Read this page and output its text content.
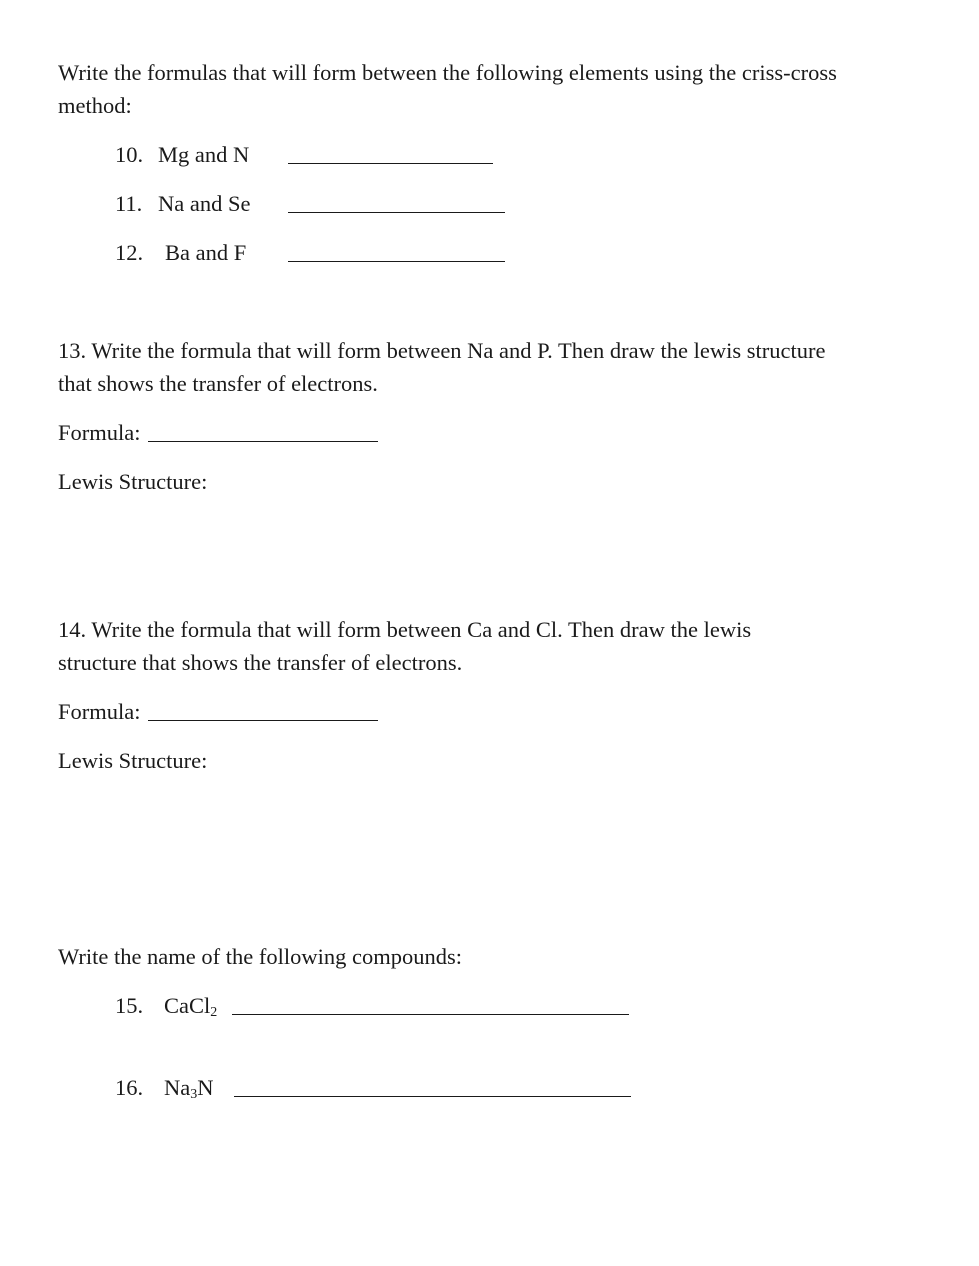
Write the formulas that will form between the following elements using the criss-cross
method:
10. Mg and N
11. Na and Se
12. Ba and F
13. Write the formula that will form between Na and P. Then draw the lewis structure
that shows the transfer of electrons.
Formula:
Lewis Structure:
14. Write the formula that will form between Ca and Cl. Then draw the lewis
structure that shows the transfer of electrons.
Formula:
Lewis Structure:
Write the name of the following compounds:
15. CaCl$_2$
16. $Na_3N$
